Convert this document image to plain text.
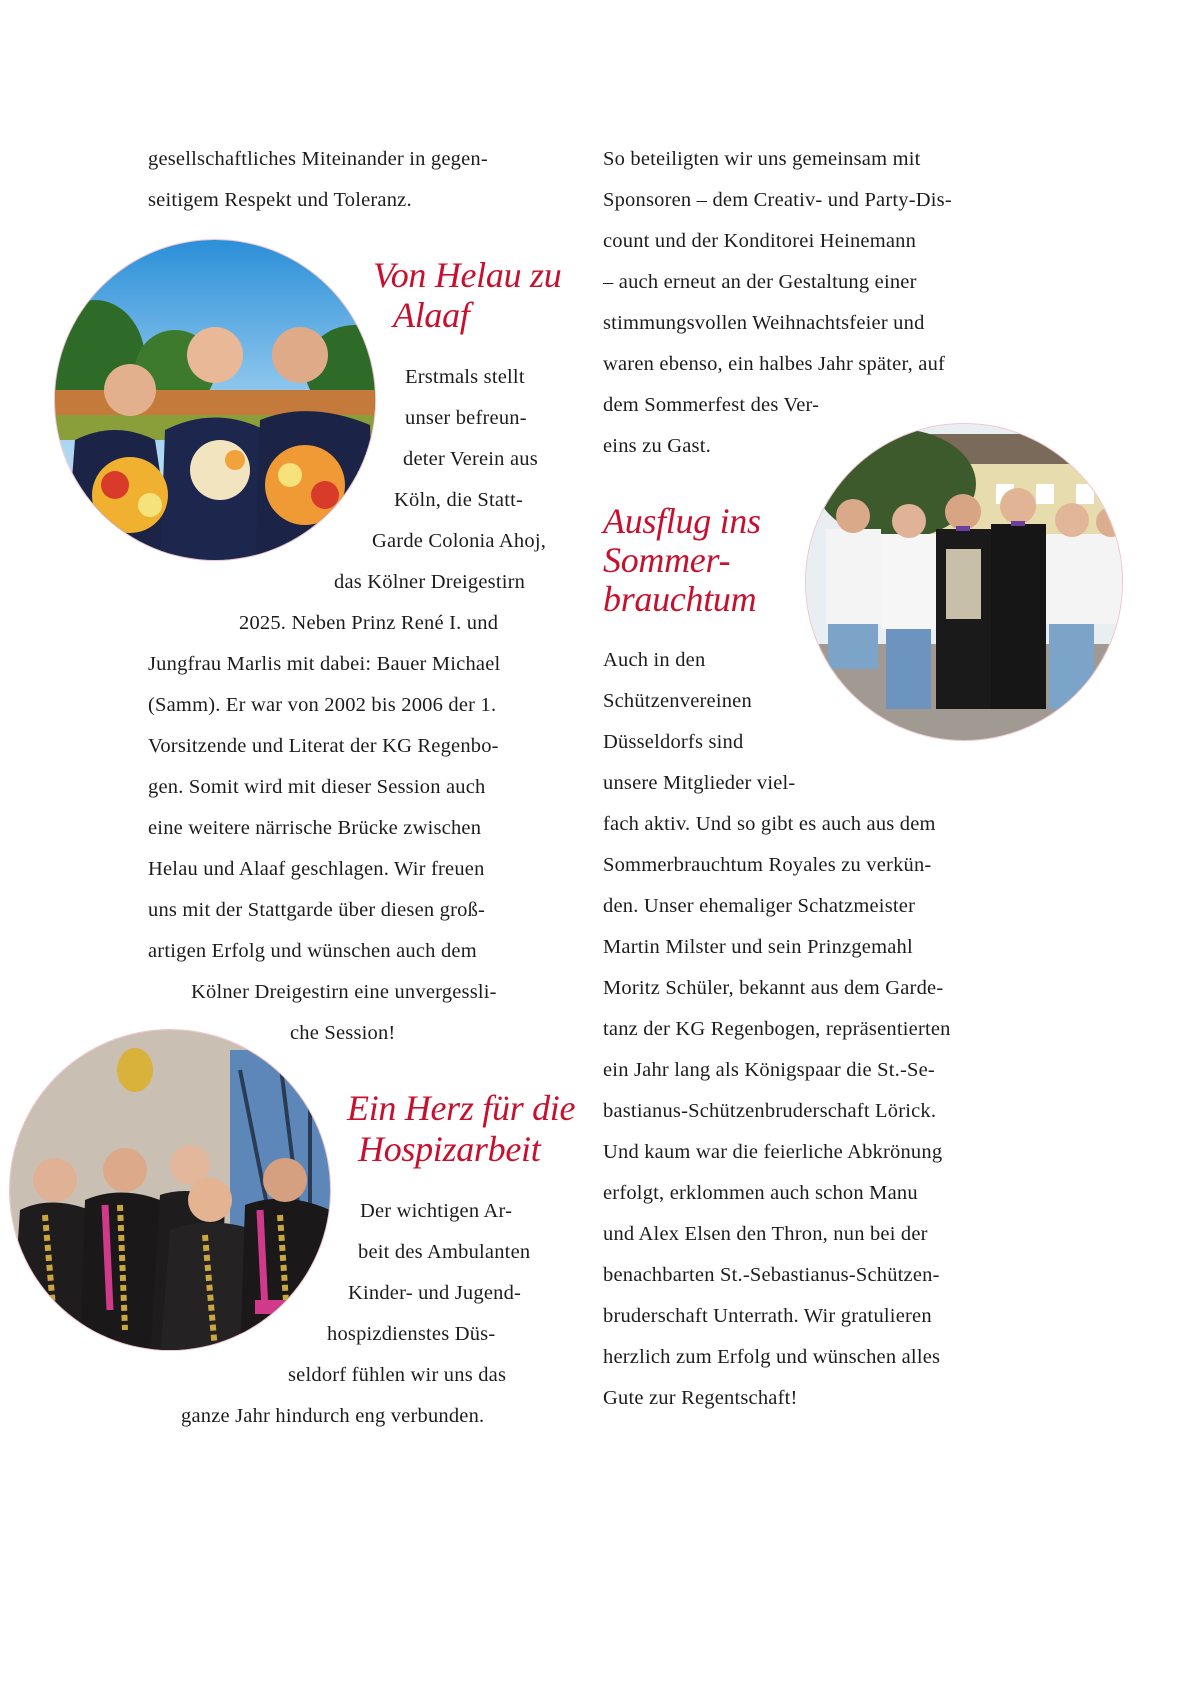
gesellschaftliches Miteinander in gegen-
seitigem Respekt und Toleranz.
Von Helau zu
Alaaf
Erstmals stellt
unser befreun-
deter Verein aus
Köln, die Statt-
Garde Colonia Ahoj,
das Kölner Dreigestirn
2025. Neben Prinz René I. und
Jungfrau Marlis mit dabei: Bauer Michael
(Samm). Er war von 2002 bis 2006 der 1.
Vorsitzende und Literat der KG Regenbo-
gen. Somit wird mit dieser Session auch
eine weitere närrische Brücke zwischen
Helau und Alaaf geschlagen. Wir freuen
uns mit der Stattgarde über diesen groß-
artigen Erfolg und wünschen auch dem
Kölner Dreigestirn eine unvergessli-
che Session!
Ein Herz für die
Hospizarbeit
Der wichtigen Ar-
beit des Ambulanten
Kinder- und Jugend-
hospizdienstes Düs-
seldorf fühlen wir uns das
ganze Jahr hindurch eng verbunden.
So beteiligten wir uns gemeinsam mit
Sponsoren – dem Creativ- und Party-Dis-
count und der Konditorei Heinemann
– auch erneut an der Gestaltung einer
stimmungsvollen Weihnachtsfeier und
waren ebenso, ein halbes Jahr später, auf
dem Sommerfest des Ver-
eins zu Gast.
Ausflug ins
Sommer-
brauchtum
Auch in den
Schützenvereinen
Düsseldorfs sind
unsere Mitglieder viel-
fach aktiv. Und so gibt es auch aus dem
Sommerbrauchtum Royales zu verkün-
den. Unser ehemaliger Schatzmeister
Martin Milster und sein Prinzgemahl
Moritz Schüler, bekannt aus dem Garde-
tanz der KG Regenbogen, repräsentierten
ein Jahr lang als Königspaar die St.-Se-
bastianus-Schützenbruderschaft Lörick.
Und kaum war die feierliche Abkrönung
erfolgt, erklommen auch schon Manu
und Alex Elsen den Thron, nun bei der
benachbarten St.-Sebastianus-Schützen-
bruderschaft Unterrath. Wir gratulieren
herzlich zum Erfolg und wünschen alles
Gute zur Regentschaft!
